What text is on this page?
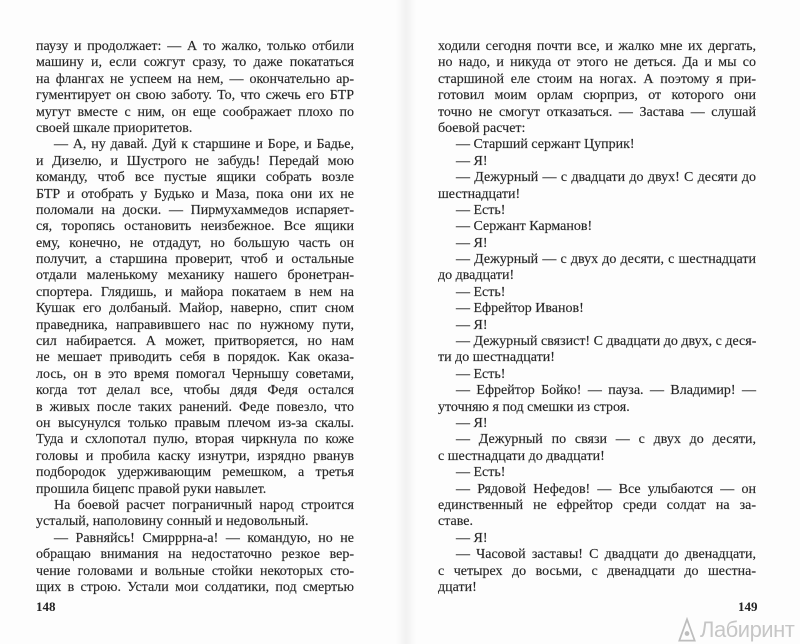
паузу и продолжает: — А то жалко, только отбили
машину и, если сожгут сразу, то даже покататься
на флангах не успеем на нем, — окончательно ар-
гументирует он свою заботу. То, что сжечь его БТР
мугут вместе с ним, он еще соображает плохо по
своей шкале приоритетов.
— А, ну давай. Дуй к старшине и Боре, и Бадье,
и Дизелю, и Шустрого не забудь! Передай мою
команду, чтоб все пустые ящики собрать возле
БТР и отобрать у Будько и Маза, пока они их не
поломали на доски. — Пирмухаммедов испаряет-
ся, торопясь остановить неизбежное. Все ящики
ему, конечно, не отдадут, но большую часть он
получит, а старшина проверит, чтоб и остальные
отдали маленькому механику нашего бронетран-
спортера. Глядишь, и майора покатаем в нем на
Кушак его долбаный. Майор, наверно, спит сном
праведника, направившего нас по нужному пути,
сил набирается. А может, притворяется, но нам
не мешает приводить себя в порядок. Как оказа-
лось, он в это время помогал Чернышу советами,
когда тот делал все, чтобы дядя Федя остался
в живых после таких ранений. Феде повезло, что
он высунулся только правым плечом из-за скалы.
Туда и схлопотал пулю, вторая чиркнула по коже
головы и пробила каску изнутри, изрядно рванув
подбородок удерживающим ремешком, а третья
прошила бицепс правой руки навылет.
На боевой расчет пограничный народ строится
усталый, наполовину сонный и недовольный.
— Равняйсь! Смирррна-а! — командую, но не
обращаю внимания на недостаточно резкое вер-
чение головами и вольные стойки некоторых сто-
щих в строю. Устали мои солдатики, под смертью
ходили сегодня почти все, и жалко мне их дергать,
но надо, и никуда от этого не деться. Да и мы со
старшиной еле стоим на ногах. А поэтому я при-
готовил моим орлам сюрприз, от которого они
точно не смогут отказаться. — Застава — слушай
боевой расчет:
— Старший сержант Цуприк!
— Я!
— Дежурный — с двадцати до двух! С десяти до
шестнадцати!
— Есть!
— Сержант Карманов!
— Я!
— Дежурный — с двух до десяти, с шестнадцати
до двадцати!
— Есть!
— Ефрейтор Иванов!
— Я!
— Дежурный связист! С двадцати до двух, с деся-
ти до шестнадцати!
— Есть!
— Ефрейтор Бойко! — пауза. — Владимир! —
уточняю я под смешки из строя.
— Я!
— Дежурный по связи — с двух до десяти,
с шестнадцати до двадцати!
— Есть!
— Рядовой Нефедов! — Все улыбаются — он
единственный не ефрейтор среди солдат на за-
ставе.
— Я!
— Часовой заставы! С двадцати до двенадцати,
с четырех до восьми, с двенадцати до шестна-
дцати!
148	149
Лабиринт
